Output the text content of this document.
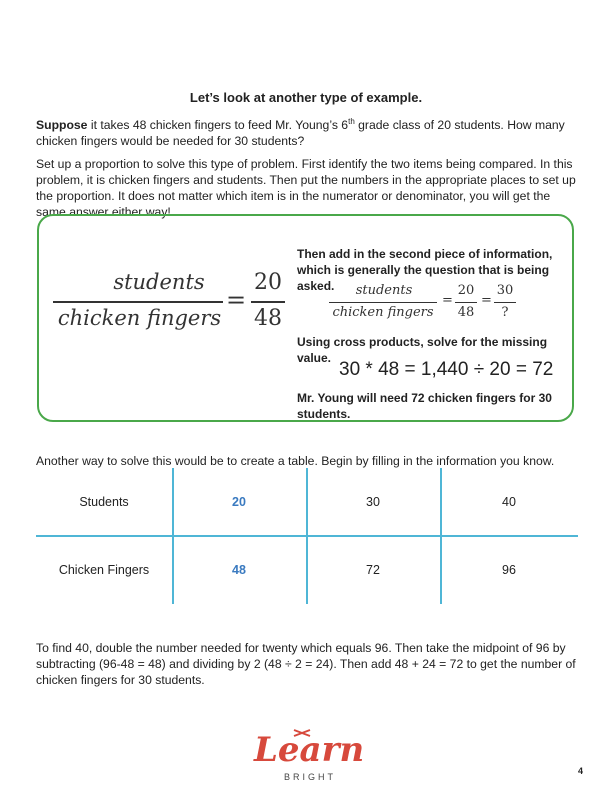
Let’s look at another type of example.
Suppose it takes 48 chicken fingers to feed Mr. Young’s 6th grade class of 20 students. How many chicken fingers would be needed for 30 students?
Set up a proportion to solve this type of problem. First identify the two items being compared. In this problem, it is chicken fingers and students. Then put the numbers in the appropriate places to set up the proportion. It does not matter which item is in the numerator or denominator, you will get the same answer either way!
students
chicken fingers
=
20
48
Then add in the second piece of information, which is generally the question that is being asked.	students
chicken fingers
=
20
48
=
30
?
Using cross products, solve for the missing value.
30 * 48 = 1,440 ÷ 20 = 72
Mr. Young will need 72 chicken fingers for 30 students.
Another way to solve this would be to create a table. Begin by filling in the information you know.
Students	20	30	40
Chicken Fingers	48	72	96
To find 40, double the number needed for twenty which equals 96. Then take the midpoint of 96 by subtracting (96-48 = 48) and dividing by 2 (48 ÷ 2 = 24). Then add 48 + 24 = 72 to get the number of chicken fingers for 30 students.
Learn
BRIGHT
4
